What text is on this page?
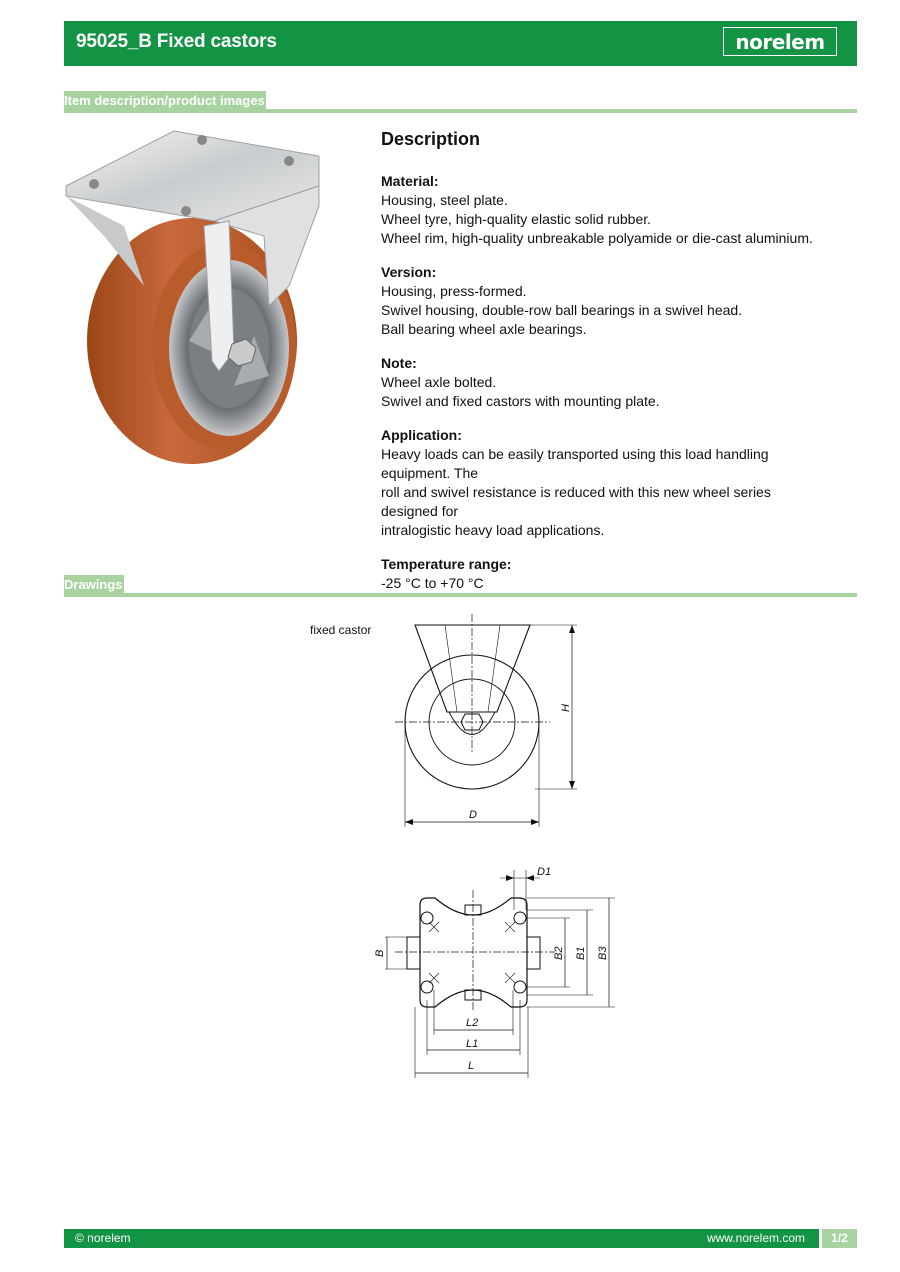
95025_B Fixed castors	norelem
Item description/product images
Description
Material:
Housing, steel plate.
Wheel tyre, high-quality elastic solid rubber.
Wheel rim, high-quality unbreakable polyamide or die-cast aluminium.
Version:
Housing, press-formed.
Swivel housing, double-row ball bearings in a swivel head.
Ball bearing wheel axle bearings.
Note:
Wheel axle bolted.
Swivel and fixed castors with mounting plate.
Application:
Heavy loads can be easily transported using this load handling equipment. The
roll and swivel resistance is reduced with this new wheel series designed for
intralogistic heavy load applications.
Temperature range:
-25 °C to +70 °C
Drawings
fixed castor
H
D
D1
B	B2 B1 B3
L2
L1
L
© norelem	www.norelem.com	1/2
